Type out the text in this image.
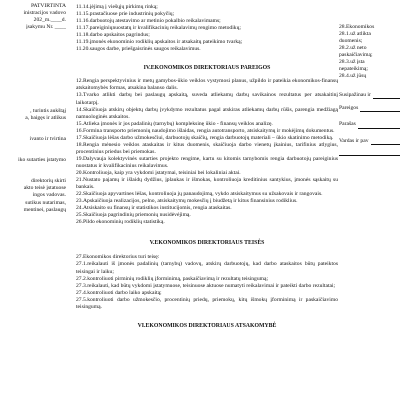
PATVIRTINTA
inistracijos vadovo
202_m.____d.
įsakymu Nr. ____
, turintis aukštąj
a, baigęs ir atlikus
ivanto ir tvirtina
iko sutarties įstatymo
direktorių skirti
akto teisė įstatuose
ingos vadovas.
sutikus nutarimas,
mentinei, paslaugų
11.14.įėjimą į viešųjų pirkimų rinką;
11.15.prastačiuose prie industrinių pokyčių;
11.16.darbuotojų atestavimo ar metinio pokalbio reikalavimams;
11.17.pareiginiųnuostatų ir kvalifikacinių reikalavimų rengimo metodikų;
11.18.darbo apskaitos pagrindus;
11.19.įmonės ekonominio rodiklių apskaitos ir atsakaitų pateikimo tvarką;
11.20.saugos darbe, priešgaisrinės saugos reikalavimus.
IV.EKONOMIKOS DIREKTORIAUS PAREIGOS
12.Rengia perspektyvinius ir metų gamybos-ūkio veiklos vystymosi planus, užpildo ir pateikia ekonomikos-finansų atskaitomybės formas, atsakina balanso dalis.
13.Tvarko atlikti darbų bei paslaugų apskaitą, suveda atliekamų darbų savikainos rezultatus per atsakaitinį laikotarpį.
14.Skaičiuoja atskirų objektų darbų įvykdymo rezultatus pagal atskiras atliekamų darbų rūšis, parengia medžiagą namuologinės atskaitos.
15.Atlieka įmonės ir jos padalinių (tarnybų) kompleksinę ūkio - finansų veiklos analizę.
16.Formina transporto priemonių naudojimo išlaidas, rengia autotransporto, atsiskaitymų ir mokėjimų dokumentus.
17.Skaičiuoja lėšas darbo užmokesčiui, darbuotojų skaičių, rengia darbuotojų materiali – ūkio skatinimo metodiką.
18.Rengia mėnesio veiklos ataskaitas ir kitus duomenis, skaičiuoja darbo vienetų įkainius, tarifinius atlygius, procentinius priedus bei priemokas.
19.Dalyvauja kolektyvinės sutarties projekto rengime, kartu su kitomis tarnybomis rengia darbuotojų pareiginius nuostatus ir kvalifikacinius reikalavimus.
20.Kontroliuoja, kaip yra vykdomi įstatymai, teisiniai bei lokaliniai aktai.
21.Nustato pajamų ir išlaidų dydžius, įplaukas ir išmokas, kontroliuoja kreditinius santykius, įmonės sąskaitų su bankais.
22.Skaičiuoja apyvartines lėšas, kontroliuoja jų panaudojimą, vykdo atsiskaitymus su užsakovais ir rangovais.
23.Apskaičiuoja realizacijos, pelno, atsiskaitymų mokesčių į biudžetą ir kitus finansinius rodiklius.
24.Atsiskaito su finansų ir statistikos institucijomis, rengia ataskaitas.
25.Skaičiuoja pagrindinių priemonių nusidėvėjimą.
26.Pildo ekonominių rodiklių statistiką.
V.EKONOMIKOS DIREKTORIAUS TEISĖS
27.Ekonomikos direktorius turi teisę:
27.1.reikalauti iš įmonės padalinių (tarnybų) vadovų, atskirų darbuotojų, kad darbo ataskaitos būtų pateiktos teisingai ir laiku;
27.2.kontroliuoti pirminių rodiklių įforminimą, paskaičiavimą ir rezultatų teisingumą;
27.3.reikalauti, kad būtų vykdomi įstatymuose, teisinuose aktuose numatyti reikalavimai ir pateikti darbo rezultatai;
27.4.kontroliuoti darbo laiko apskaitą;
27.5.kontroliuoti darbo užmokesčio, procentinių priedų, priemokų, kitų išmokų įforminimą ir paskaičiavimo teisingumą.
VI.EKONOMIKOS DIREKTORIAUS ATSAKOMYBĖ
28.Ekonomikos
28.1.už atlikta
duomenis;
28.2.už neto
paskaičiavimą;
28.3.už įsta
nepateikimą;
28.4.už jūsų
Susipažinau ir
Pareigos
Parašas
Vardas ir pav
